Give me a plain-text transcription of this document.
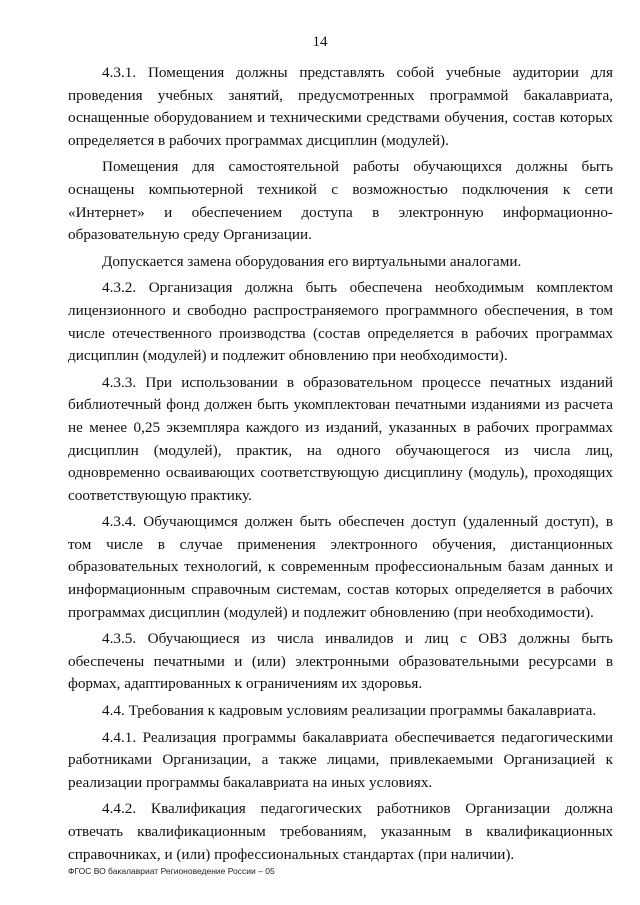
14

4.3.1. Помещения должны представлять собой учебные аудитории для проведения учебных занятий, предусмотренных программой бакалавриата, оснащенные оборудованием и техническими средствами обучения, состав которых определяется в рабочих программах дисциплин (модулей).

Помещения для самостоятельной работы обучающихся должны быть оснащены компьютерной техникой с возможностью подключения к сети «Интернет» и обеспечением доступа в электронную информационно-образовательную среду Организации.

Допускается замена оборудования его виртуальными аналогами.

4.3.2. Организация должна быть обеспечена необходимым комплектом лицензионного и свободно распространяемого программного обеспечения, в том числе отечественного производства (состав определяется в рабочих программах дисциплин (модулей) и подлежит обновлению при необходимости).

4.3.3. При использовании в образовательном процессе печатных изданий библиотечный фонд должен быть укомплектован печатными изданиями из расчета не менее 0,25 экземпляра каждого из изданий, указанных в рабочих программах дисциплин (модулей), практик, на одного обучающегося из числа лиц, одновременно осваивающих соответствующую дисциплину (модуль), проходящих соответствующую практику.

4.3.4. Обучающимся должен быть обеспечен доступ (удаленный доступ), в том числе в случае применения электронного обучения, дистанционных образовательных технологий, к современным профессиональным базам данных и информационным справочным системам, состав которых определяется в рабочих программах дисциплин (модулей) и подлежит обновлению (при необходимости).

4.3.5. Обучающиеся из числа инвалидов и лиц с ОВЗ должны быть обеспечены печатными и (или) электронными образовательными ресурсами в формах, адаптированных к ограничениям их здоровья.

4.4. Требования к кадровым условиям реализации программы бакалавриата.

4.4.1. Реализация программы бакалавриата обеспечивается педагогическими работниками Организации, а также лицами, привлекаемыми Организацией к реализации программы бакалавриата на иных условиях.

4.4.2. Квалификация педагогических работников Организации должна отвечать квалификационным требованиям, указанным в квалификационных справочниках, и (или) профессиональных стандартах (при наличии).

ФГОС ВО бакалавриат Регионоведение России – 05
